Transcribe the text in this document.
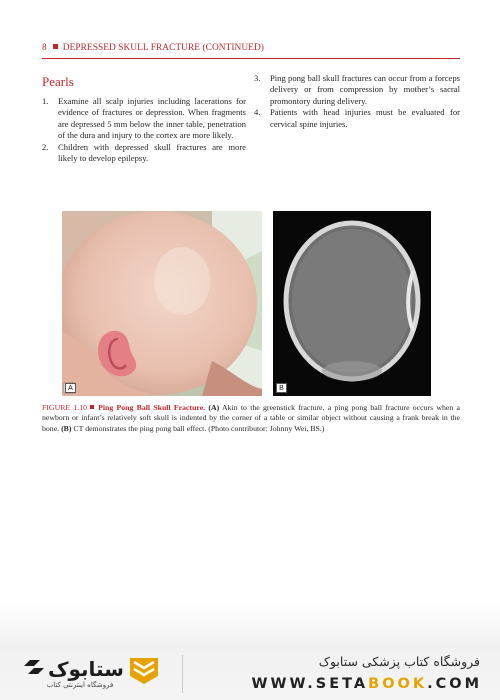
8 DEPRESSED SKULL FRACTURE (CONTINUED)
Pearls
1. Examine all scalp injuries including lacerations for evidence of fractures or depression. When fragments are depressed 5 mm below the inner table, penetration of the dura and injury to the cortex are more likely.
2. Children with depressed skull fractures are more likely to develop epilepsy.
3. Ping pong ball skull fractures can occur from a forceps delivery or from compression by mother’s sacral promontory during delivery.
4. Patients with head injuries must be evaluated for cervical spine injuries.
A	B
FIGURE 1.10 Ping Pong Ball Skull Fracture. (A) Akin to the greenstick fracture, a ping pong ball fracture occurs when a newborn or infant’s relatively soft skull is indented by the corner of a table or similar object without causing a frank break in the bone. (B) CT demonstrates the ping pong ball effect. (Photo contributor: Johnny Wei, BS.)
ستابوک
فروشگاه اینترنتی کتاب
فروشگاه کتاب پزشکی ستابوک
WWW.SETABOOK.COM
